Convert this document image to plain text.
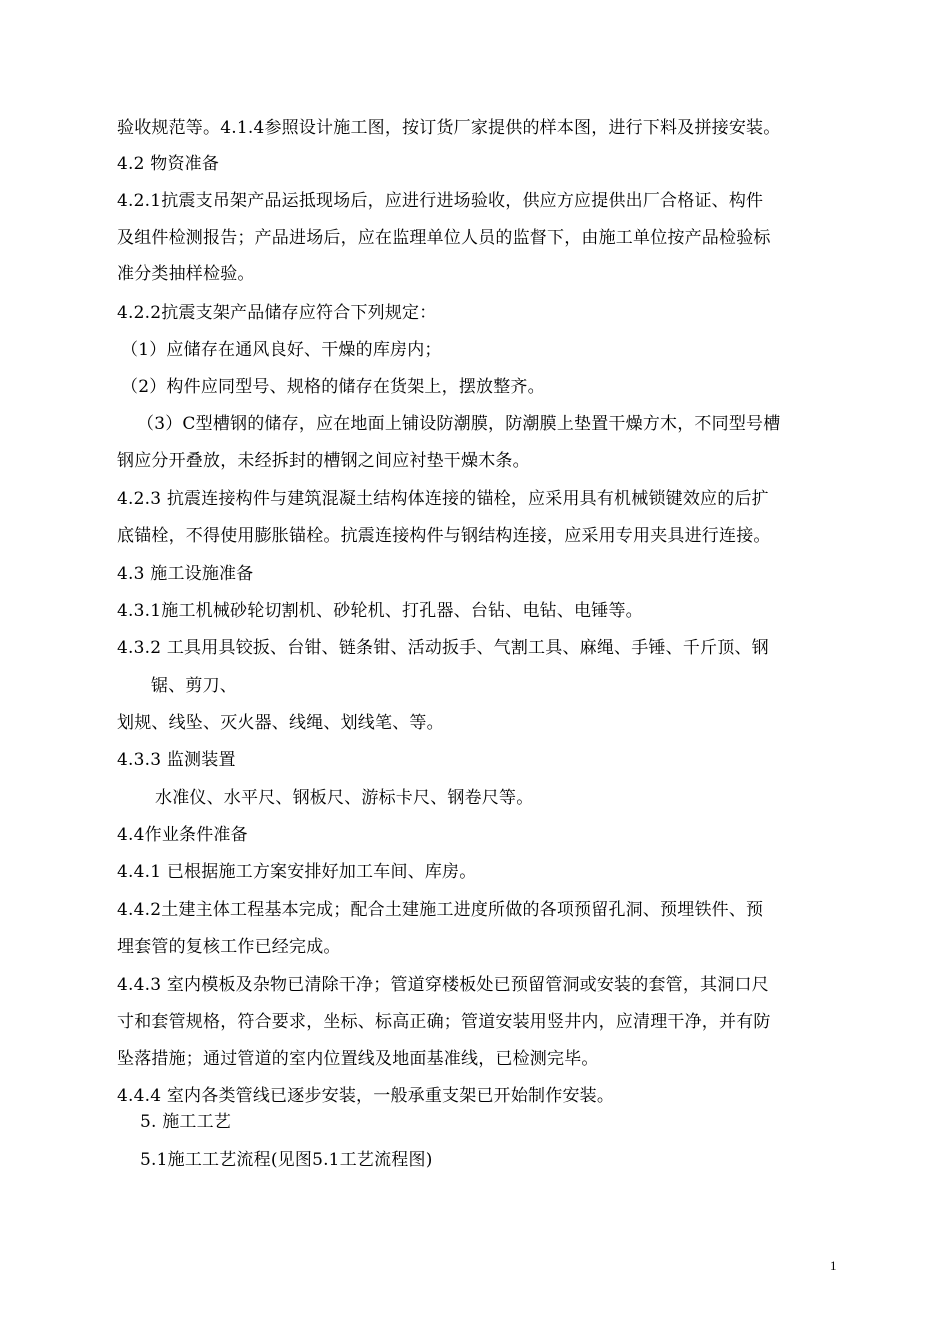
验收规范等。4.1.4参照设计施工图，按订货厂家提供的样本图，进行下料及拼接安装。
4.2 物资准备
4.2.1抗震支吊架产品运抵现场后，应进行进场验收，供应方应提供出厂合格证、构件
及组件检测报告；产品进场后，应在监理单位人员的监督下，由施工单位按产品检验标
准分类抽样检验。
4.2.2抗震支架产品储存应符合下列规定：
（1）应储存在通风良好、干燥的库房内；
（2）构件应同型号、规格的储存在货架上，摆放整齐。
（3）C型槽钢的储存，应在地面上铺设防潮膜，防潮膜上垫置干燥方木，不同型号槽
钢应分开叠放，未经拆封的槽钢之间应衬垫干燥木条。
4.2.3 抗震连接构件与建筑混凝土结构体连接的锚栓，应采用具有机械锁键效应的后扩
底锚栓，不得使用膨胀锚栓。抗震连接构件与钢结构连接，应采用专用夹具进行连接。
4.3 施工设施准备
4.3.1施工机械砂轮切割机、砂轮机、打孔器、台钻、电钻、电锤等。
4.3.2 工具用具铰扳、台钳、链条钳、活动扳手、气割工具、麻绳、手锤、千斤顶、钢
锯、剪刀、
划规、线坠、灭火器、线绳、划线笔、等。
4.3.3 监测装置
水准仪、水平尺、钢板尺、游标卡尺、钢卷尺等。
4.4作业条件准备
4.4.1 已根据施工方案安排好加工车间、库房。
4.4.2土建主体工程基本完成；配合土建施工进度所做的各项预留孔洞、预埋铁件、预
埋套管的复核工作已经完成。
4.4.3 室内模板及杂物已清除干净；管道穿楼板处已预留管洞或安装的套管，其洞口尺
寸和套管规格，符合要求，坐标、标高正确；管道安装用竖井内，应清理干净，并有防
坠落措施；通过管道的室内位置线及地面基准线，已检测完毕。
4.4.4 室内各类管线已逐步安装，一般承重支架已开始制作安装。
5. 施工工艺
5.1施工工艺流程(见图5.1工艺流程图)
1
